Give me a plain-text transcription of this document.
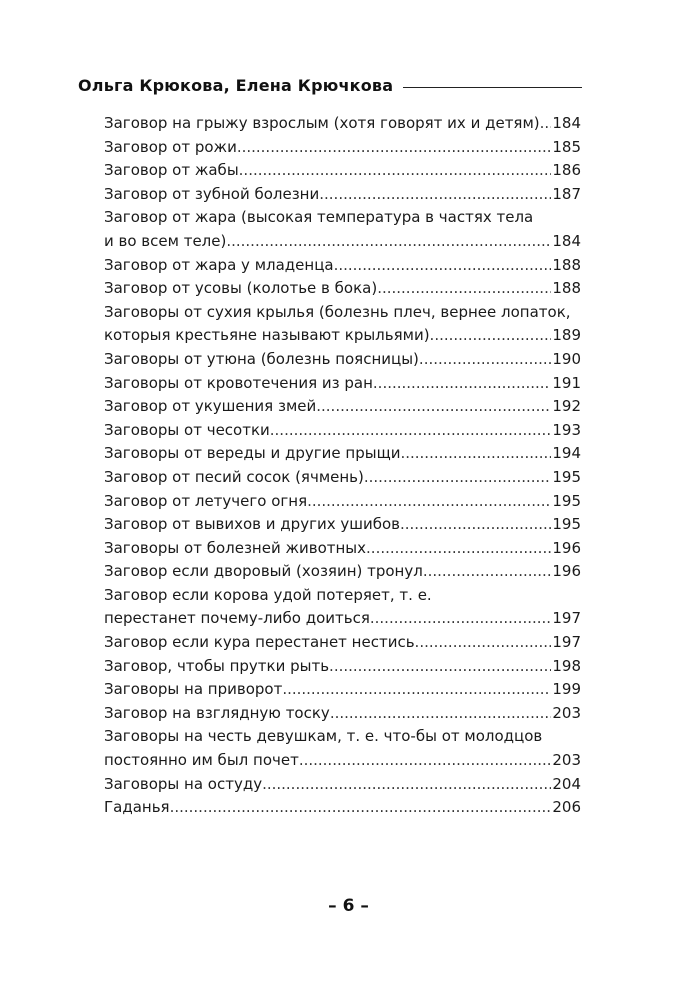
Ольга Крюкова, Елена Крючкова
Заговор на грыжу взрослым (хотя говорят их и детям) ..... 184
Заговор от рожи .....	185
Заговор от жабы .....	186
Заговор от зубной болезни .....	187
Заговор от жара (высокая температура в частях тела
и во всем теле) .....	184
Заговор от жара у младенца .....	188
Заговор от усовы (колотье в бока) .....	188
Заговоры от сухия крылья (болезнь плеч, вернее лопаток,
которыя крестьяне называют крыльями) .....	189
Заговоры от утюна (болезнь поясницы) .....	190
Заговоры от кровотечения из ран .....	191
Заговор от укушения змей .....	192
Заговоры от чесотки .....	193
Заговоры от вереды и другие прыщи .....	194
Заговор от песий сосок (ячмень) .....	195
Заговор от летучего огня .....	195
Заговор от вывихов и других ушибов .....	195
Заговоры от болезней животных .....	196
Заговор если дворовый (хозяин) тронул .....	196
Заговор если корова удой потеряет, т. е.
перестанет почему-либо доиться .....	197
Заговор если кура перестанет нестись .....	197
Заговор, чтобы прутки рыть .....	198
Заговоры на приворот .....	199
Заговор на взглядную тоску .....	203
Заговоры на честь девушкам, т. е. что-бы от молодцов
постоянно им был почет .....	203
Заговоры на остуду .....	204
Гаданья .....	206
– 6 –
